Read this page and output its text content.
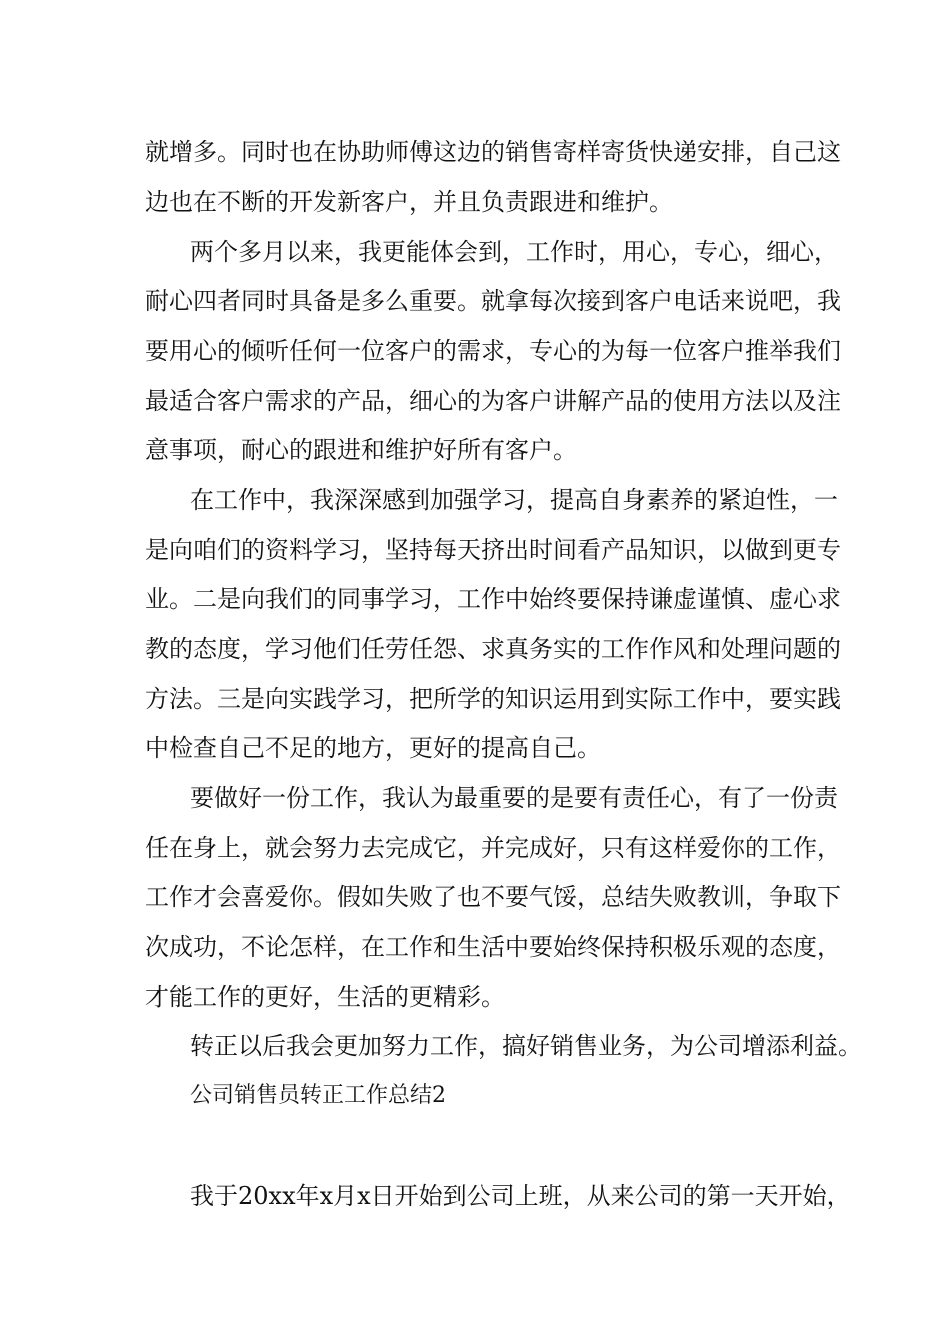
就增多。同时也在协助师傅这边的销售寄样寄货快递安排，自己这
边也在不断的开发新客户，并且负责跟进和维护。
两个多月以来，我更能体会到，工作时，用心，专心，细心，
耐心四者同时具备是多么重要。就拿每次接到客户电话来说吧，我
要用心的倾听任何一位客户的需求，专心的为每一位客户推举我们
最适合客户需求的产品，细心的为客户讲解产品的使用方法以及注
意事项，耐心的跟进和维护好所有客户。
在工作中，我深深感到加强学习，提高自身素养的紧迫性，一
是向咱们的资料学习，坚持每天挤出时间看产品知识，以做到更专
业。二是向我们的同事学习，工作中始终要保持谦虚谨慎、虚心求
教的态度，学习他们任劳任怨、求真务实的工作作风和处理问题的
方法。三是向实践学习，把所学的知识运用到实际工作中，要实践
中检查自己不足的地方，更好的提高自己。
要做好一份工作，我认为最重要的是要有责任心，有了一份责
任在身上，就会努力去完成它，并完成好，只有这样爱你的工作，
工作才会喜爱你。假如失败了也不要气馁，总结失败教训，争取下
次成功，不论怎样，在工作和生活中要始终保持积极乐观的态度，
才能工作的更好，生活的更精彩。
转正以后我会更加努力工作，搞好销售业务，为公司增添利益。
公司销售员转正工作总结2
我于20xx年x月x日开始到公司上班，从来公司的第一天开始，
